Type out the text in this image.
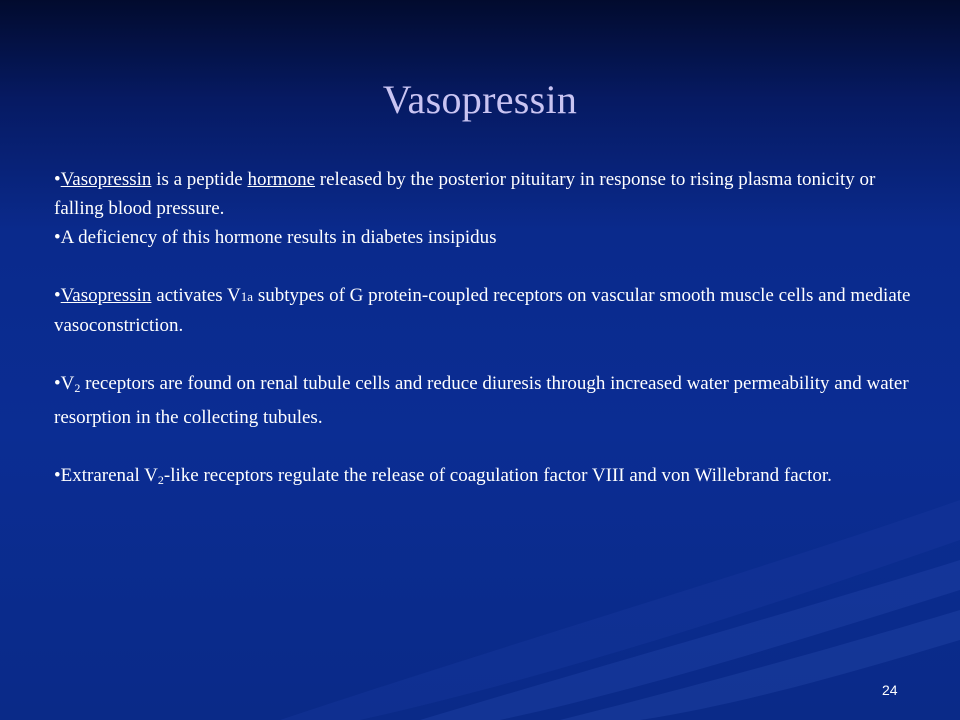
Vasopressin

•Vasopressin is a peptide hormone released by the posterior pituitary in response to rising plasma tonicity or falling blood pressure.

•A deficiency of this hormone results in diabetes insipidus

•Vasopressin activates V1a subtypes of G protein-coupled receptors on vascular smooth muscle cells and mediate vasoconstriction.

$•V_2$ receptors are found on renal tubule cells and reduce diuresis through increased water permeability and water resorption in the collecting tubules.

•Extrarenal $V_2$-like receptors regulate the release of coagulation factor VIII and von Willebrand factor.

24
